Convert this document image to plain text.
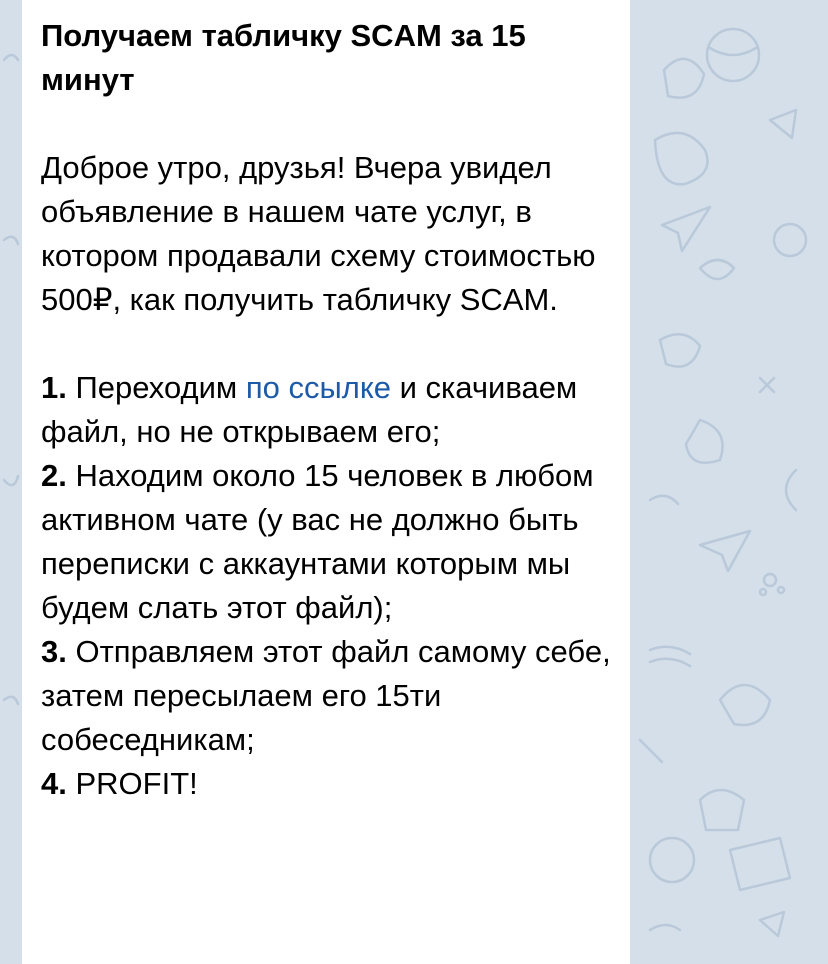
Получаем табличку SCAM за 15 минут

Доброе утро, друзья! Вчера увидел объявление в нашем чате услуг, в котором продавали схему стоимостью 500₽, как получить табличку SCAM.

1. Переходим по ссылке и скачиваем файл, но не открываем его;
2. Находим около 15 человек в любом активном чате (у вас не должно быть переписки с аккаунтами которым мы будем слать этот файл);
3. Отправляем этот файл самому себе, затем пересылаем его 15ти собеседникам;
4. PROFIT!
